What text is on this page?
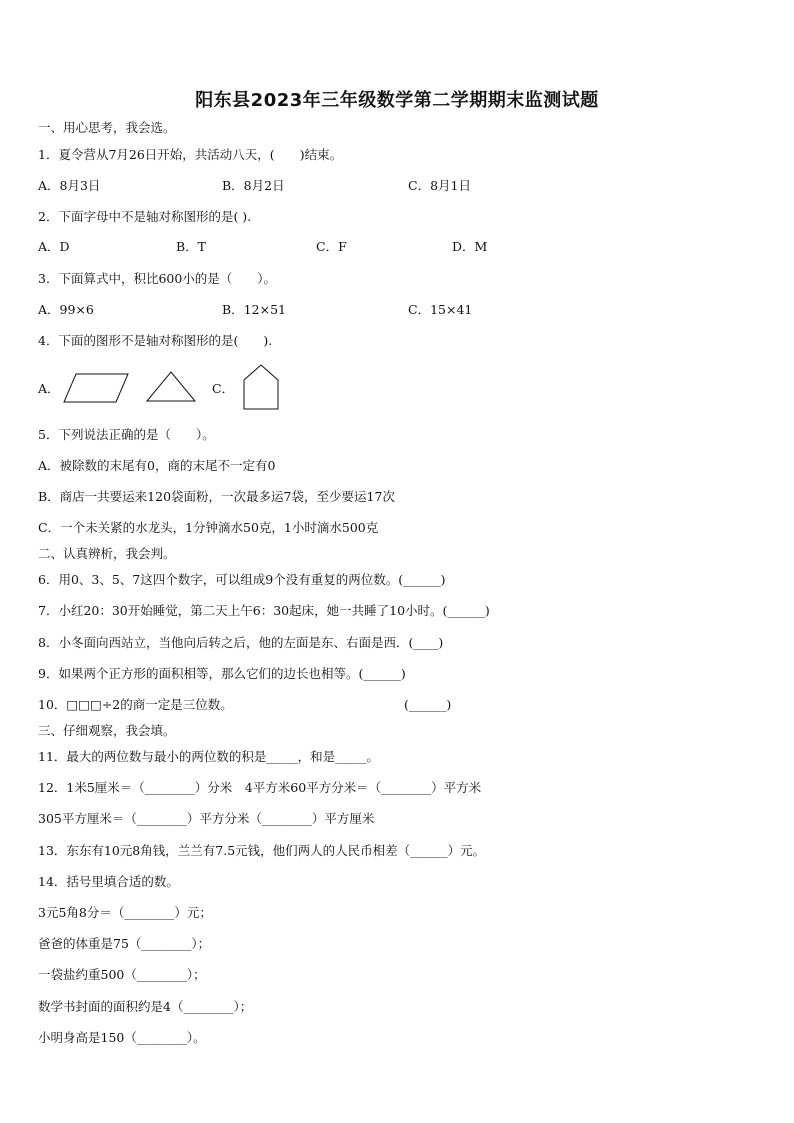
阳东县2023年三年级数学第二学期期末监测试题
一、用心思考，我会选。
1．夏令营从7月26日开始，共活动八天，(　　)结束。
A．8月3日	B．8月2日	C．8月1日
2．下面字母中不是轴对称图形的是( ).
A．D	B．T	C．F	D．M
3．下面算式中，积比600小的是（　　）。
A．99×6	B．12×51	C．15×41
4．下面的图形不是轴对称图形的是(　　).
A．	C．
5．下列说法正确的是（　　）。
A．被除数的末尾有0，商的末尾不一定有0
B．商店一共要运来120袋面粉，一次最多运7袋，至少要运17次
C．一个未关紧的水龙头，1分钟滴水50克，1小时滴水500克
二、认真辨析，我会判。
6．用0、3、5、7这四个数字，可以组成9个没有重复的两位数。(______)
7．小红20：30开始睡觉，第二天上午6：30起床，她一共睡了10小时。(______)
8．小冬面向西站立，当他向后转之后，他的左面是东、右面是西．(____)
9．如果两个正方形的面积相等，那么它们的边长也相等。(______)
10．□□□÷2的商一定是三位数。	(______)
三、仔细观察，我会填。
11．最大的两位数与最小的两位数的积是_____，和是_____。
12．1米5厘米＝（________）分米　4平方米60平方分米＝（________）平方米
305平方厘米＝（________）平方分米（________）平方厘米
13．东东有10元8角钱，兰兰有7.5元钱，他们两人的人民币相差（______）元。
14．括号里填合适的数。
3元5角8分＝（________）元；
爸爸的体重是75（________）；
一袋盐约重500（________）；
数学书封面的面积约是4（________）；
小明身高是150（________）。
